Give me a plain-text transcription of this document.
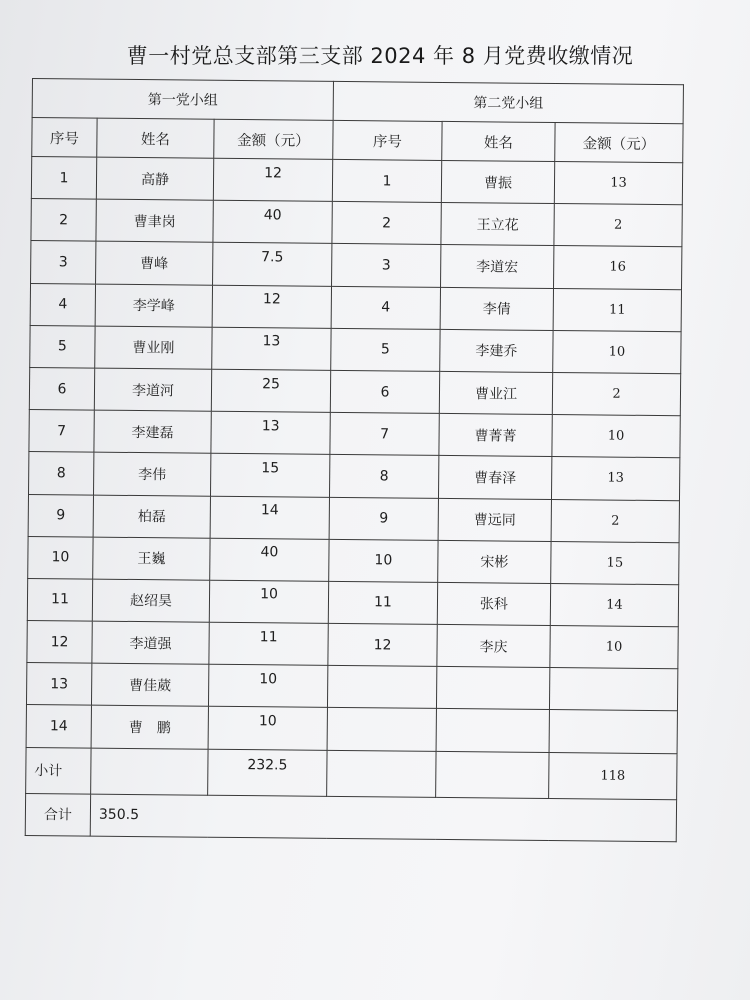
曹一村党总支部第三支部 2024 年 8 月党费收缴情况
第一党小组			第二党小组		
序号	姓名	金额（元）	序号	姓名	金额（元）
1	高静	12	1	曹振	13
2	曹聿岗	40	2	王立花	2
3	曹峰	7.5	3	李道宏	16
4	李学峰	12	4	李倩	11
5	曹业刚	13	5	李建乔	10
6	李道河	25	6	曹业江	2
7	李建磊	13	7	曹菁菁	10
8	李伟	15	8	曹春泽	13
9	柏磊	14	9	曹远同	2
10	王巍	40	10	宋彬	15
11	赵绍昊	10	11	张科	14
12	李道强	11	12	李庆	10
13	曹佳葳	10			
14	曹　鹏	10			
小计		232.5			118
合计	350.5				
